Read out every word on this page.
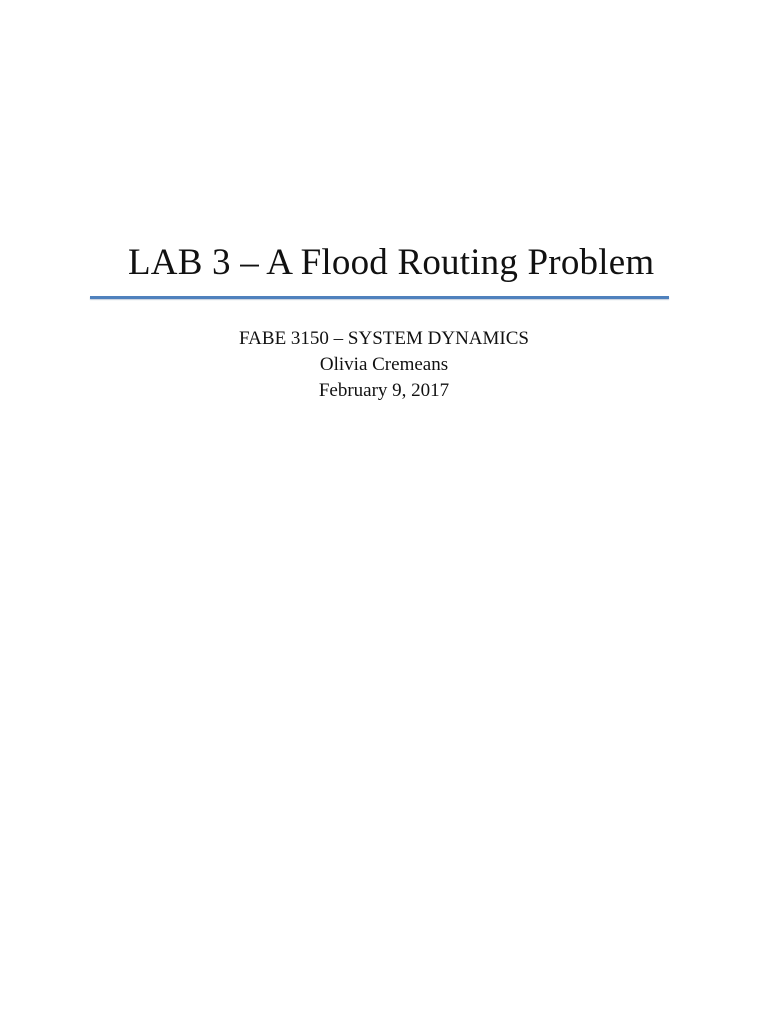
LAB 3 – A Flood Routing Problem
FABE 3150 – SYSTEM DYNAMICS
Olivia Cremeans
February 9, 2017
